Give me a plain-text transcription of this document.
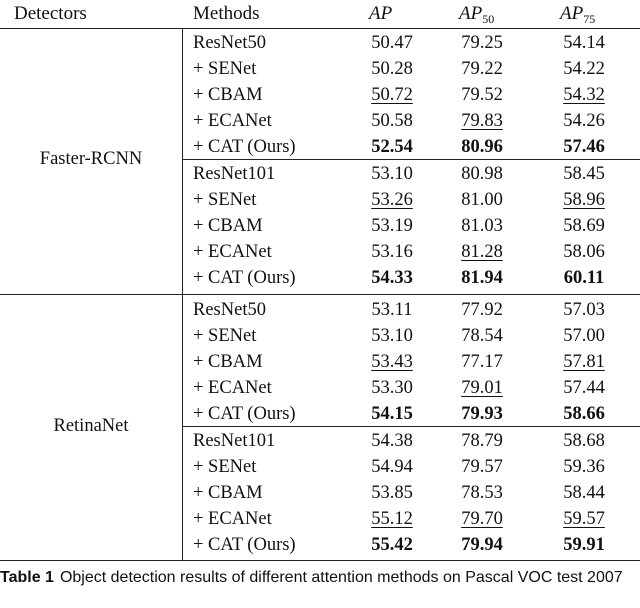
Detectors	Methods	AP	$AP_{50}$	$AP_{75}$
Faster-RCNN
ResNet50	50.47	79.25	54.14
+ SENet	50.28	79.22	54.22
+ CBAM	50.72	79.52	54.32
+ ECANet	50.58	79.83	54.26
+ CAT (Ours)	52.54	80.96	57.46
ResNet101	53.10	80.98	58.45
+ SENet	53.26	81.00	58.96
+ CBAM	53.19	81.03	58.69
+ ECANet	53.16	81.28	58.06
+ CAT (Ours)	54.33	81.94	60.11
RetinaNet
ResNet50	53.11	77.92	57.03
+ SENet	53.10	78.54	57.00
+ CBAM	53.43	77.17	57.81
+ ECANet	53.30	79.01	57.44
+ CAT (Ours)	54.15	79.93	58.66
ResNet101	54.38	78.79	58.68
+ SENet	54.94	79.57	59.36
+ CBAM	53.85	78.53	58.44
+ ECANet	55.12	79.70	59.57
+ CAT (Ours)	55.42	79.94	59.91
Table 1 Object detection results of different attention methods on Pascal VOC test 2007
